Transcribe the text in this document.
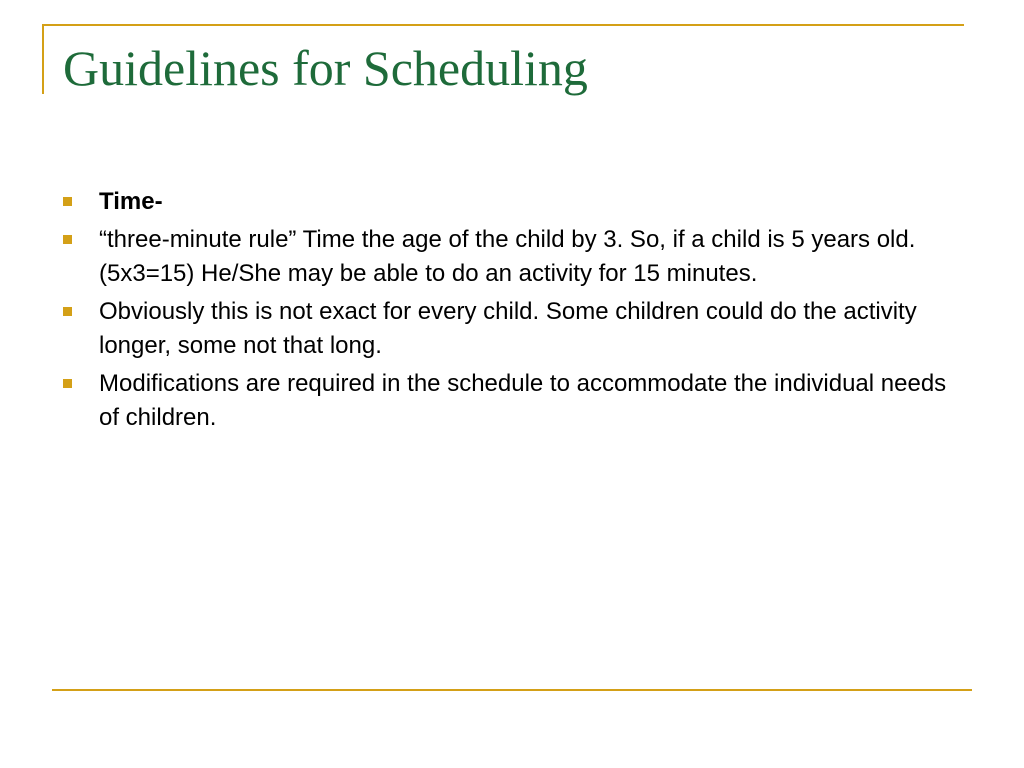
Guidelines for Scheduling
Time-
“three-minute rule” Time the age of the child by 3. So, if a child is 5 years old. (5x3=15) He/She may be able to do an activity for 15 minutes.
Obviously this is not exact for every child. Some children could do the activity longer, some not that long.
Modifications are required in the schedule to accommodate the individual needs of children.
